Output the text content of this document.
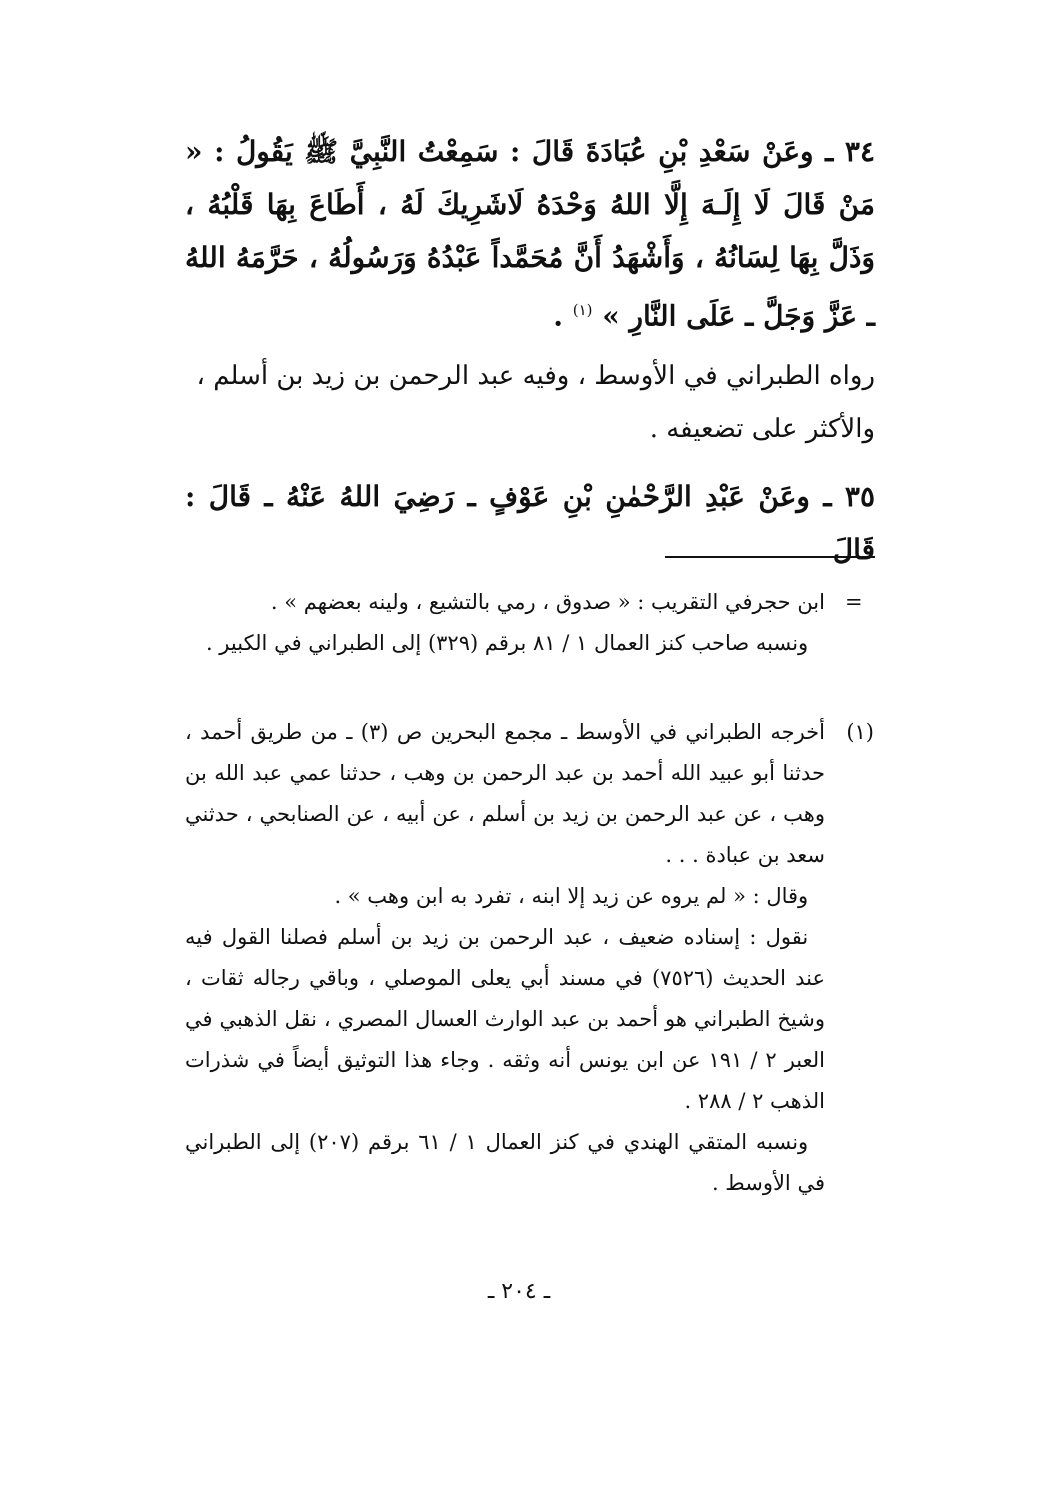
٣٤ ـ وعَنْ سَعْدِ بْنِ عُبَادَةَ قَالَ : سَمِعْتُ النَّبِيَّ ﷺ يَقُولُ : « مَنْ قَالَ لَا إِلَـهَ إِلَّا اللهُ وَحْدَهُ لَاشَرِيكَ لَهُ ، أَطَاعَ بِهَا قَلْبُهُ ، وَذَلَّ بِهَا لِسَانُهُ ، وَأَشْهَدُ أَنَّ مُحَمَّداً عَبْدُهُ وَرَسُولُهُ ، حَرَّمَهُ اللهُ ـ عَزَّ وَجَلَّ ـ عَلَى النَّارِ » $^{(١)}$ .

رواه الطبراني في الأوسط ، وفيه عبد الرحمن بن زيد بن أسلم ،

والأكثر على تضعيفه .

٣٥ ـ وعَنْ عَبْدِ الرَّحْمٰنِ بْنِ عَوْفٍ ـ رَضِيَ اللهُ عَنْهُ ـ قَالَ : قَالَ

=

ابن حجرفي التقريب : « صدوق ، رمي بالتشيع ، ولينه بعضهم » .

ونسبه صاحب كنز العمال ١ / ٨١ برقم (٣٢٩) إلى الطبراني في الكبير .

(١)

أخرجه الطبراني في الأوسط ـ مجمع البحرين ص (٣) ـ من طريق أحمد ، حدثنا أبو عبيد الله أحمد بن عبد الرحمن بن وهب ، حدثنا عمي عبد الله بن وهب ، عن عبد الرحمن بن زيد بن أسلم ، عن أبيه ، عن الصنابحي ، حدثني سعد بن عبادة . . .

وقال : « لم يروه عن زيد إلا ابنه ، تفرد به ابن وهب » .

نقول : إسناده ضعيف ، عبد الرحمن بن زيد بن أسلم فصلنا القول فيه عند الحديث (٧٥٢٦) في مسند أبي يعلى الموصلي ، وباقي رجاله ثقات ، وشيخ الطبراني هو أحمد بن عبد الوارث العسال المصري ، نقل الذهبي في العبر ٢ / ١٩١ عن ابن يونس أنه وثقه . وجاء هذا التوثيق أيضاً في شذرات الذهب ٢ / ٢٨٨ .

ونسبه المتقي الهندي في كنز العمال ١ / ٦١ برقم (٢٠٧) إلى الطبراني في الأوسط .

ـ ٢٠٤ ـ
